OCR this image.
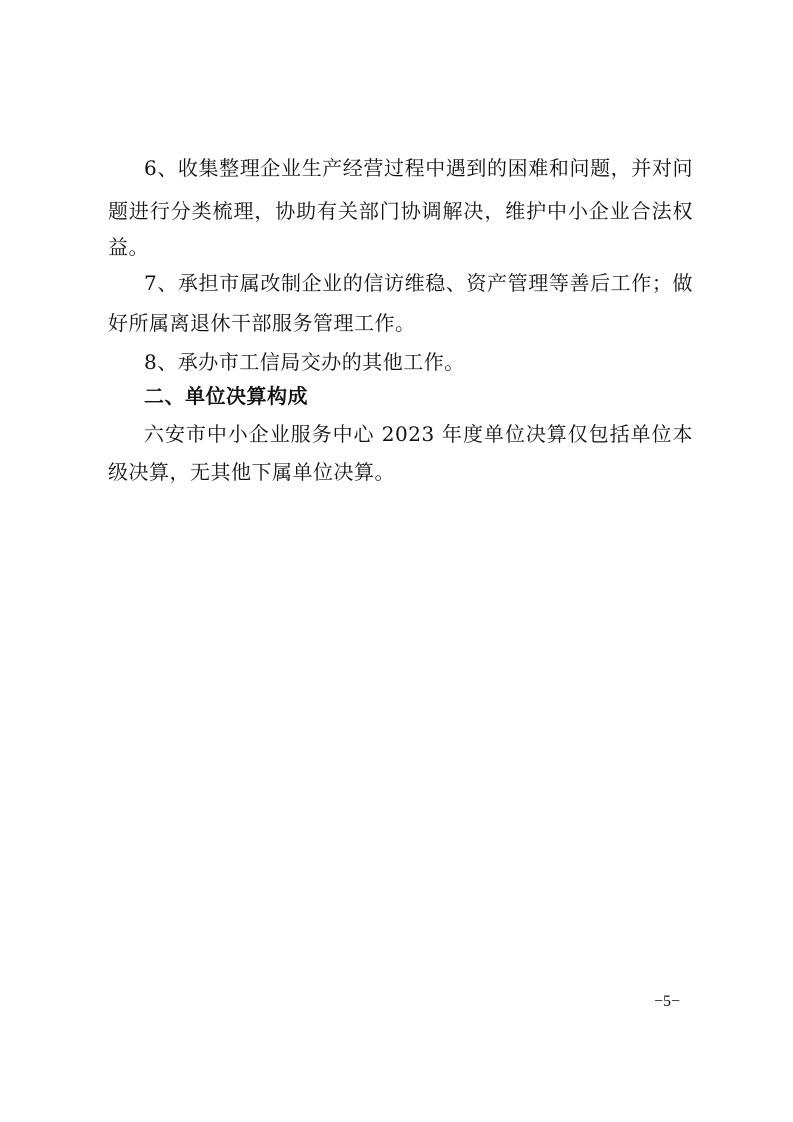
6、收集整理企业生产经营过程中遇到的困难和问题，并对问
题进行分类梳理，协助有关部门协调解决，维护中小企业合法权
益。
7、承担市属改制企业的信访维稳、资产管理等善后工作；做
好所属离退休干部服务管理工作。
8、承办市工信局交办的其他工作。
二、单位决算构成
六安市中小企业服务中心 2023 年度单位决算仅包括单位本
级决算，无其他下属单位决算。
−5−
